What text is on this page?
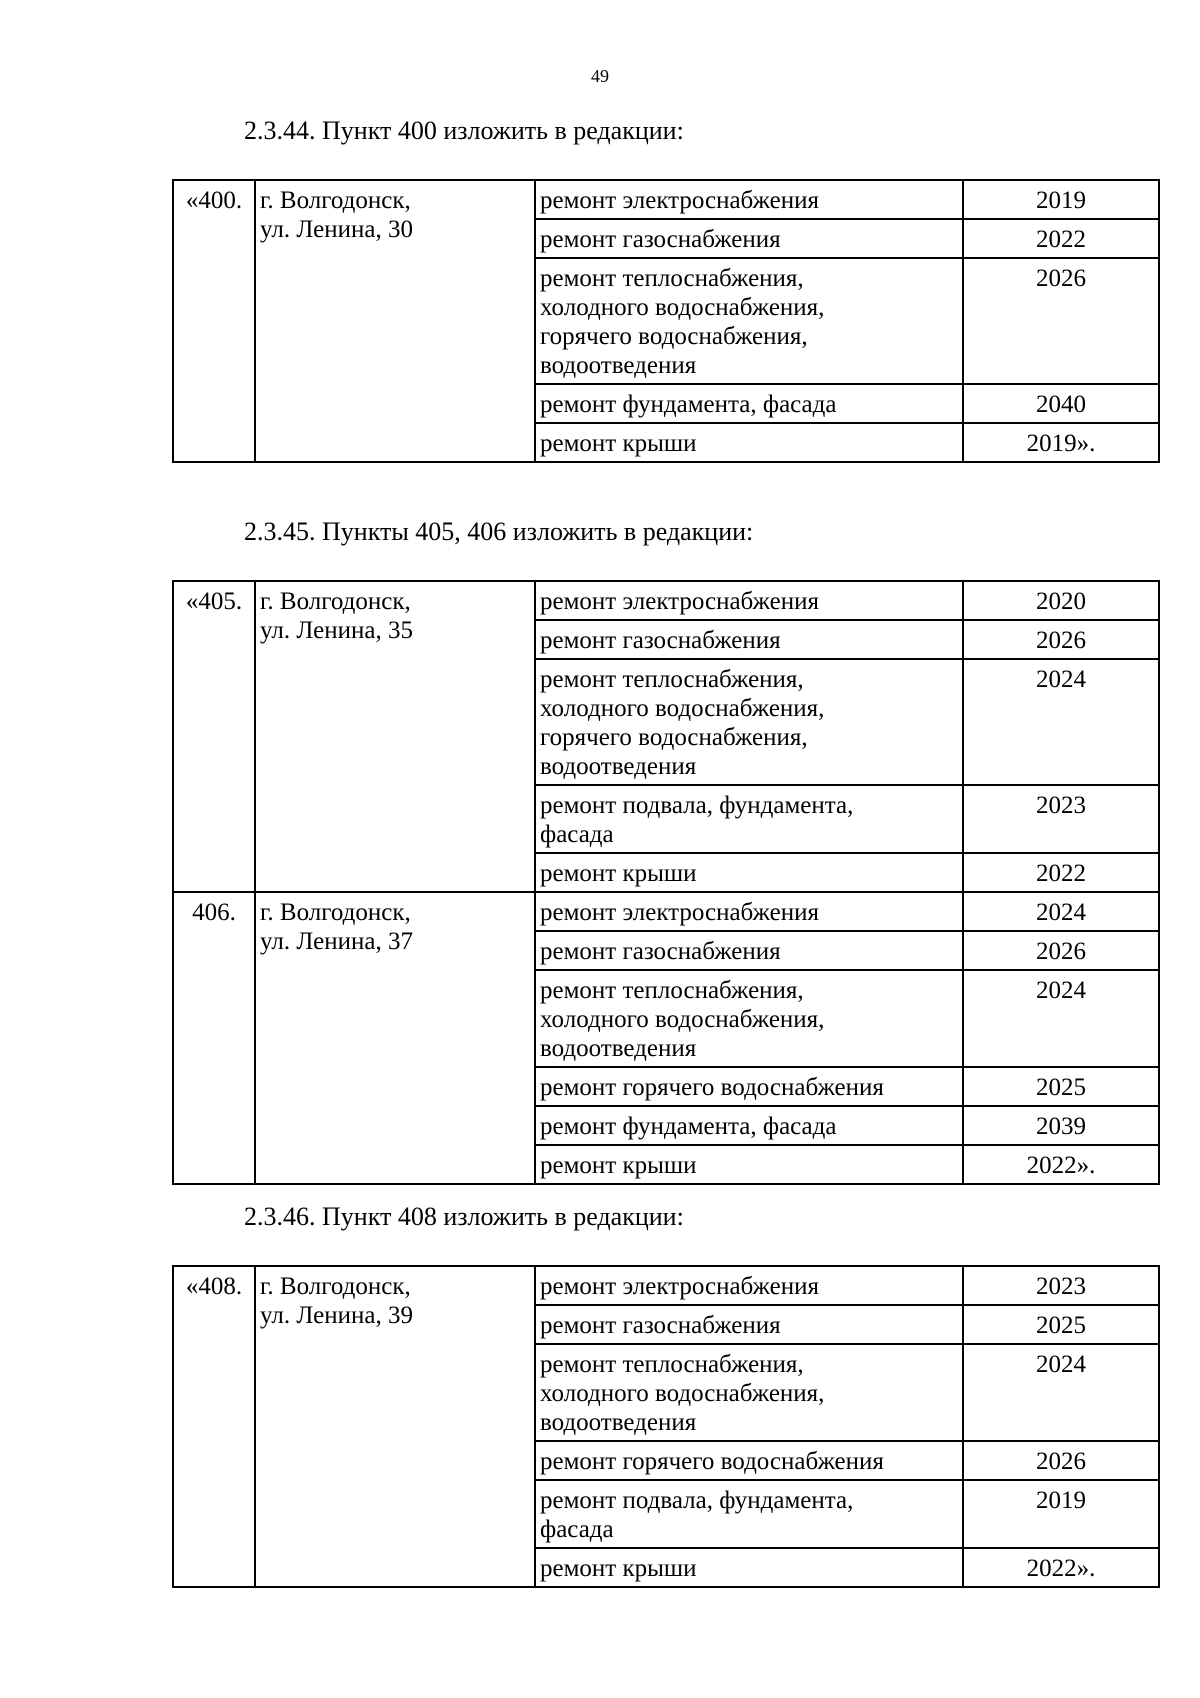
49
2.3.44. Пункт 400 изложить в редакции:
«400.	г. Волгодонск,
ул. Ленина, 30	ремонт электроснабжения	2019

		ремонт газоснабжения	2022

		ремонт теплоснабжения,
холодного водоснабжения,
горячего водоснабжения,
водоотведения	2026

		ремонт фундамента, фасада	2040

		ремонт крыши	2019».
2.3.45. Пункты 405, 406 изложить в редакции:
«405.	г. Волгодонск,
ул. Ленина, 35	ремонт электроснабжения	2020

		ремонт газоснабжения	2026

		ремонт теплоснабжения,
холодного водоснабжения,
горячего водоснабжения,
водоотведения	2024

		ремонт подвала, фундамента,
фасада	2023

		ремонт крыши	2022
406.	г. Волгодонск,
ул. Ленина, 37	ремонт электроснабжения	2024

		ремонт газоснабжения	2026

		ремонт теплоснабжения,
холодного водоснабжения,
водоотведения	2024

		ремонт горячего водоснабжения	2025

		ремонт фундамента, фасада	2039

		ремонт крыши	2022».
2.3.46. Пункт 408 изложить в редакции:
«408.	г. Волгодонск,
ул. Ленина, 39	ремонт электроснабжения	2023

		ремонт газоснабжения	2025

		ремонт теплоснабжения,
холодного водоснабжения,
водоотведения	2024

		ремонт горячего водоснабжения	2026

		ремонт подвала, фундамента,
фасада	2019

		ремонт крыши	2022».
